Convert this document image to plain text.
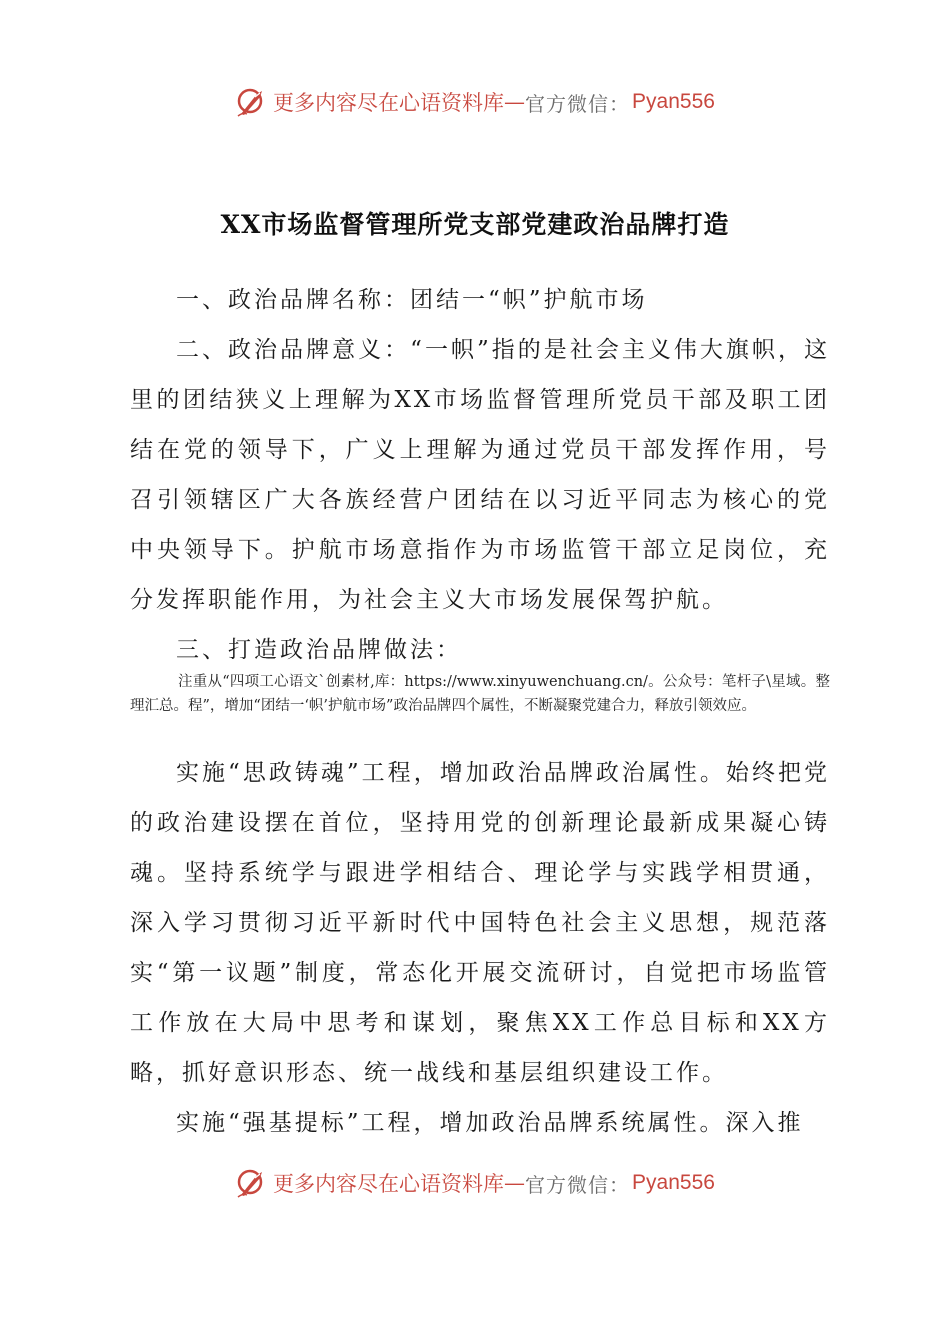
更多内容尽在心语资料库 — 官方微信： Pyan556
XX市场监督管理所党支部党建政治品牌打造

一、政治品牌名称：团结一“帜”护航市场

二、政治品牌意义：“一帜”指的是社会主义伟大旗帜，这里的团结狭义上理解为XX市场监督管理所党员干部及职工团结在党的领导下，广义上理解为通过党员干部发挥作用，号召引领辖区广大各族经营户团结在以习近平同志为核心的党中央领导下。护航市场意指作为市场监管干部立足岗位，充分发挥职能作用，为社会主义大市场发展保驾护航。

三、打造政治品牌做法：

注重从“四项工心语文`创素材,库：https://www.xinyuwenchuang.cn/。公众号：笔杆子\星域。整理汇总。程”，增加“团结一‘帜’护航市场”政治品牌四个属性，不断凝聚党建合力，释放引领效应。

实施“思政铸魂”工程，增加政治品牌政治属性。始终把党的政治建设摆在首位，坚持用党的创新理论最新成果凝心铸魂。坚持系统学与跟进学相结合、理论学与实践学相贯通，深入学习贯彻习近平新时代中国特色社会主义思想，规范落实“第一议题”制度，常态化开展交流研讨，自觉把市场监管工作放在大局中思考和谋划，聚焦XX工作总目标和XX方略，抓好意识形态、统一战线和基层组织建设工作。

实施“强基提标”工程，增加政治品牌系统属性。深入推

更多内容尽在心语资料库 — 官方微信： Pyan556
